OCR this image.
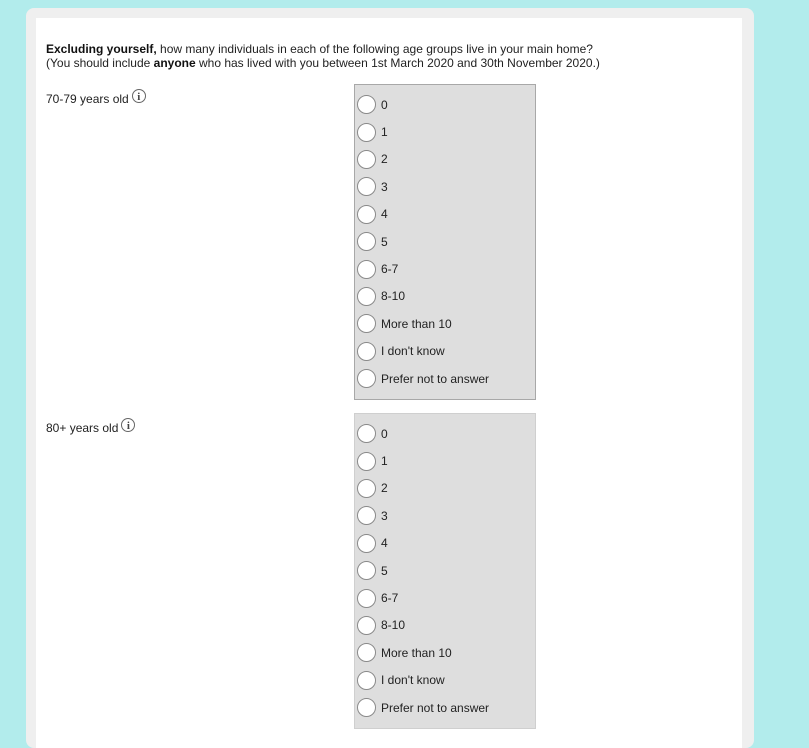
Excluding yourself, how many individuals in each of the following age groups live in your main home?
(You should include anyone who has lived with you between 1st March 2020 and 30th November 2020.)
70-79 years old i
0
1
2
3
4
5
6-7
8-10
More than 10
I don't know
Prefer not to answer
80+ years old i
0
1
2
3
4
5
6-7
8-10
More than 10
I don't know
Prefer not to answer
